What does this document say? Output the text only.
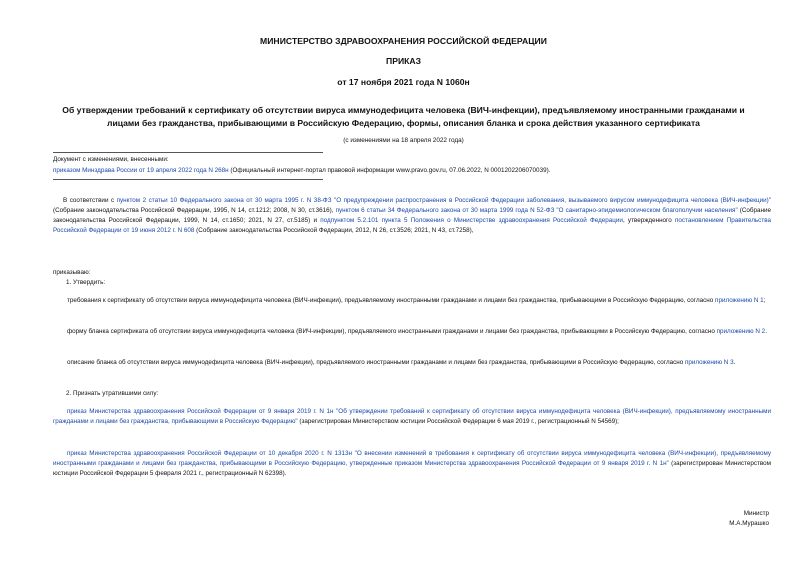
МИНИСТЕРСТВО ЗДРАВООХРАНЕНИЯ РОССИЙСКОЙ ФЕДЕРАЦИИ
ПРИКАЗ
от 17 ноября 2021 года N 1060н
Об утверждении требований к сертификату об отсутствии вируса иммунодефицита человека (ВИЧ-инфекции), предъявляемому иностранными гражданами и лицами без гражданства, прибывающими в Российскую Федерацию, формы, описания бланка и срока действия указанного сертификата
(с изменениями на 18 апреля 2022 года)
Документ с изменениями, внесенными:
приказом Минздрава России от 19 апреля 2022 года N 268н (Официальный интернет-портал правовой информации www.pravo.gov.ru, 07.06.2022, N 0001202206070039).
В соответствии с пунктом 2 статьи 10 Федерального закона от 30 марта 1995 г. N 38-ФЗ "О предупреждении распространения в Российской Федерации заболевания, вызываемого вирусом иммунодефицита человека (ВИЧ-инфекции)" (Собрание законодательства Российской Федерации, 1995, N 14, ст.1212; 2008, N 30, ст.3616), пунктом 6 статьи 34 Федерального закона от 30 марта 1999 года N 52-ФЗ "О санитарно-эпидемиологическом благополучии населения" (Собрание законодательства Российской Федерации, 1999, N 14, ст.1650; 2021, N 27, ст.5185) и подпунктом 5.2.101 пункта 5 Положения о Министерстве здравоохранения Российской Федерации, утвержденного постановлением Правительства Российской Федерации от 19 июня 2012 г. N 608 (Собрание законодательства Российской Федерации, 2012, N 26, ст.3526; 2021, N 43, ст.7258),
приказываю:
1. Утвердить:
требования к сертификату об отсутствии вируса иммунодефицита человека (ВИЧ-инфекции), предъявляемому иностранными гражданами и лицами без гражданства, прибывающими в Российскую Федерацию, согласно приложению N 1;
форму бланка сертификата об отсутствии вируса иммунодефицита человека (ВИЧ-инфекции), предъявляемого иностранными гражданами и лицами без гражданства, прибывающими в Российскую Федерацию, согласно приложению N 2.
описание бланка об отсутствии вируса иммунодефицита человека (ВИЧ-инфекции), предъявляемого иностранными гражданами и лицами без гражданства, прибывающими в Российскую Федерацию, согласно приложению N 3.
2. Признать утратившими силу:
приказ Министерства здравоохранения Российской Федерации от 9 января 2019 г. N 1н "Об утверждении требований к сертификату об отсутствии вируса иммунодефицита человека (ВИЧ-инфекции), предъявляемому иностранными гражданами и лицами без гражданства, прибывающими в Российскую Федерацию" (зарегистрирован Министерством юстиции Российской Федерации 6 мая 2019 г., регистрационный N 54569);
приказ Министерства здравоохранения Российской Федерации от 10 декабря 2020 г. N 1313н "О внесении изменений в требования к сертификату об отсутствии вируса иммунодефицита человека (ВИЧ-инфекции), предъявляемому иностранными гражданами и лицами без гражданства, прибывающими в Российскую Федерацию, утвержденные приказом Министерства здравоохранения Российской Федерации от 9 января 2019 г. N 1н" (зарегистрирован Министерством юстиции Российской Федерации 5 февраля 2021 г., регистрационный N 62398).
Министр
М.А.Мурашко
